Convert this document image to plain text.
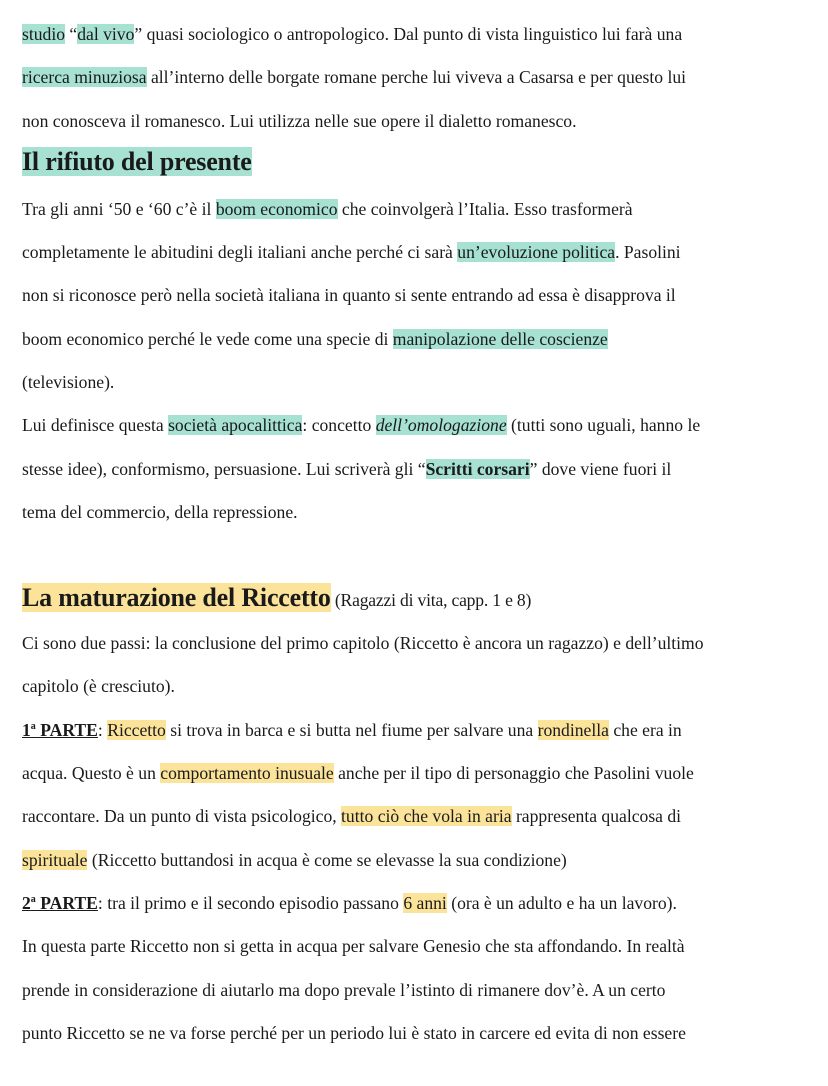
studio “dal vivo” quasi sociologico o antropologico. Dal punto di vista linguistico lui farà una
ricerca minuziosa all’interno delle borgate romane perche lui viveva a Casarsa e per questo lui
non conosceva il romanesco. Lui utilizza nelle sue opere il dialetto romanesco.
Il rifiuto del presente
Tra gli anni ‘50 e ‘60 c’è il boom economico che coinvolgerà l’Italia. Esso trasformerà
completamente le abitudini degli italiani anche perché ci sarà un’evoluzione politica. Pasolini
non si riconosce però nella società italiana in quanto si sente entrando ad essa è disapprova il
boom economico perché le vede come una specie di manipolazione delle coscienze
(televisione).
Lui definisce questa società apocalittica: concetto dell’omologazione (tutti sono uguali, hanno le
stesse idee), conformismo, persuasione. Lui scriverà gli “Scritti corsari” dove viene fuori il
tema del commercio, della repressione.
La maturazione del Riccetto (Ragazzi di vita, capp. 1 e 8)
Ci sono due passi: la conclusione del primo capitolo (Riccetto è ancora un ragazzo) e dell’ultimo
capitolo (è cresciuto).
1$^a$ PARTE: Riccetto si trova in barca e si butta nel fiume per salvare una rondinella che era in
acqua. Questo è un comportamento inusuale anche per il tipo di personaggio che Pasolini vuole
raccontare. Da un punto di vista psicologico, tutto ciò che vola in aria rappresenta qualcosa di
spirituale (Riccetto buttandosi in acqua è come se elevasse la sua condizione)
2$^a$ PARTE: tra il primo e il secondo episodio passano 6 anni (ora è un adulto e ha un lavoro).
In questa parte Riccetto non si getta in acqua per salvare Genesio che sta affondando. In realtà
prende in considerazione di aiutarlo ma dopo prevale l’istinto di rimanere dov’è. A un certo
punto Riccetto se ne va forse perché per un periodo lui è stato in carcere ed evita di non essere
